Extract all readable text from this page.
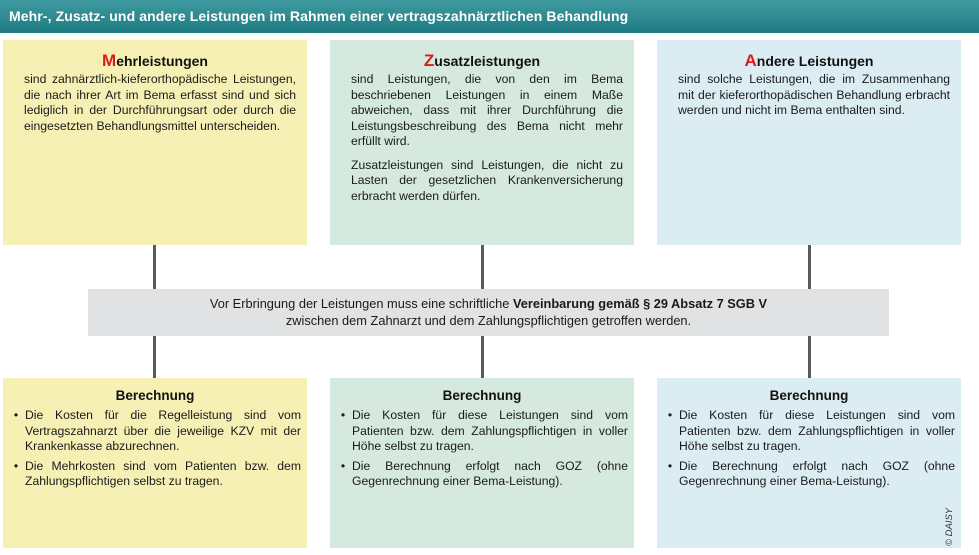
Mehr-, Zusatz- und andere Leistungen im Rahmen einer vertragszahnärztlichen Behandlung
Mehrleistungen

sind zahnärztlich-kieferorthopädische Leistungen, die nach ihrer Art im Bema erfasst sind und sich lediglich in der Durchführungsart oder durch die eingesetzten Behandlungsmittel unterscheiden.

Zusatzleistungen

sind Leistungen, die von den im Bema beschriebenen Leistungen in einem Maße abweichen, dass mit ihrer Durchführung die Leistungsbeschreibung des Bema nicht mehr erfüllt wird.

Zusatzleistungen sind Leistungen, die nicht zu Lasten der gesetzlichen Krankenversicherung erbracht werden dürfen.

Andere Leistungen

sind solche Leistungen, die im Zusammenhang mit der kieferorthopädischen Behandlung erbracht werden und nicht im Bema enthalten sind.

Vor Erbringung der Leistungen muss eine schriftliche Vereinbarung gemäß § 29 Absatz 7 SGB V
zwischen dem Zahnarzt und dem Zahlungspflichtigen getroffen werden.
Berechnung
• Die Kosten für die Regelleistung sind vom Vertragszahnarzt über die jeweilige KZV mit der Krankenkasse abzurechnen.
• Die Mehrkosten sind vom Patienten bzw. dem Zahlungspflichtigen selbst zu tragen.
Berechnung
• Die Kosten für diese Leistungen sind vom Patienten bzw. dem Zahlungspflichtigen in voller Höhe selbst zu tragen.
• Die Berechnung erfolgt nach GOZ (ohne Gegenrechnung einer Bema-Leistung).
Berechnung
• Die Kosten für diese Leistungen sind vom Patienten bzw. dem Zahlungspflichtigen in voller Höhe selbst zu tragen.
• Die Berechnung erfolgt nach GOZ (ohne Gegenrechnung einer Bema-Leistung).
© DAISY
